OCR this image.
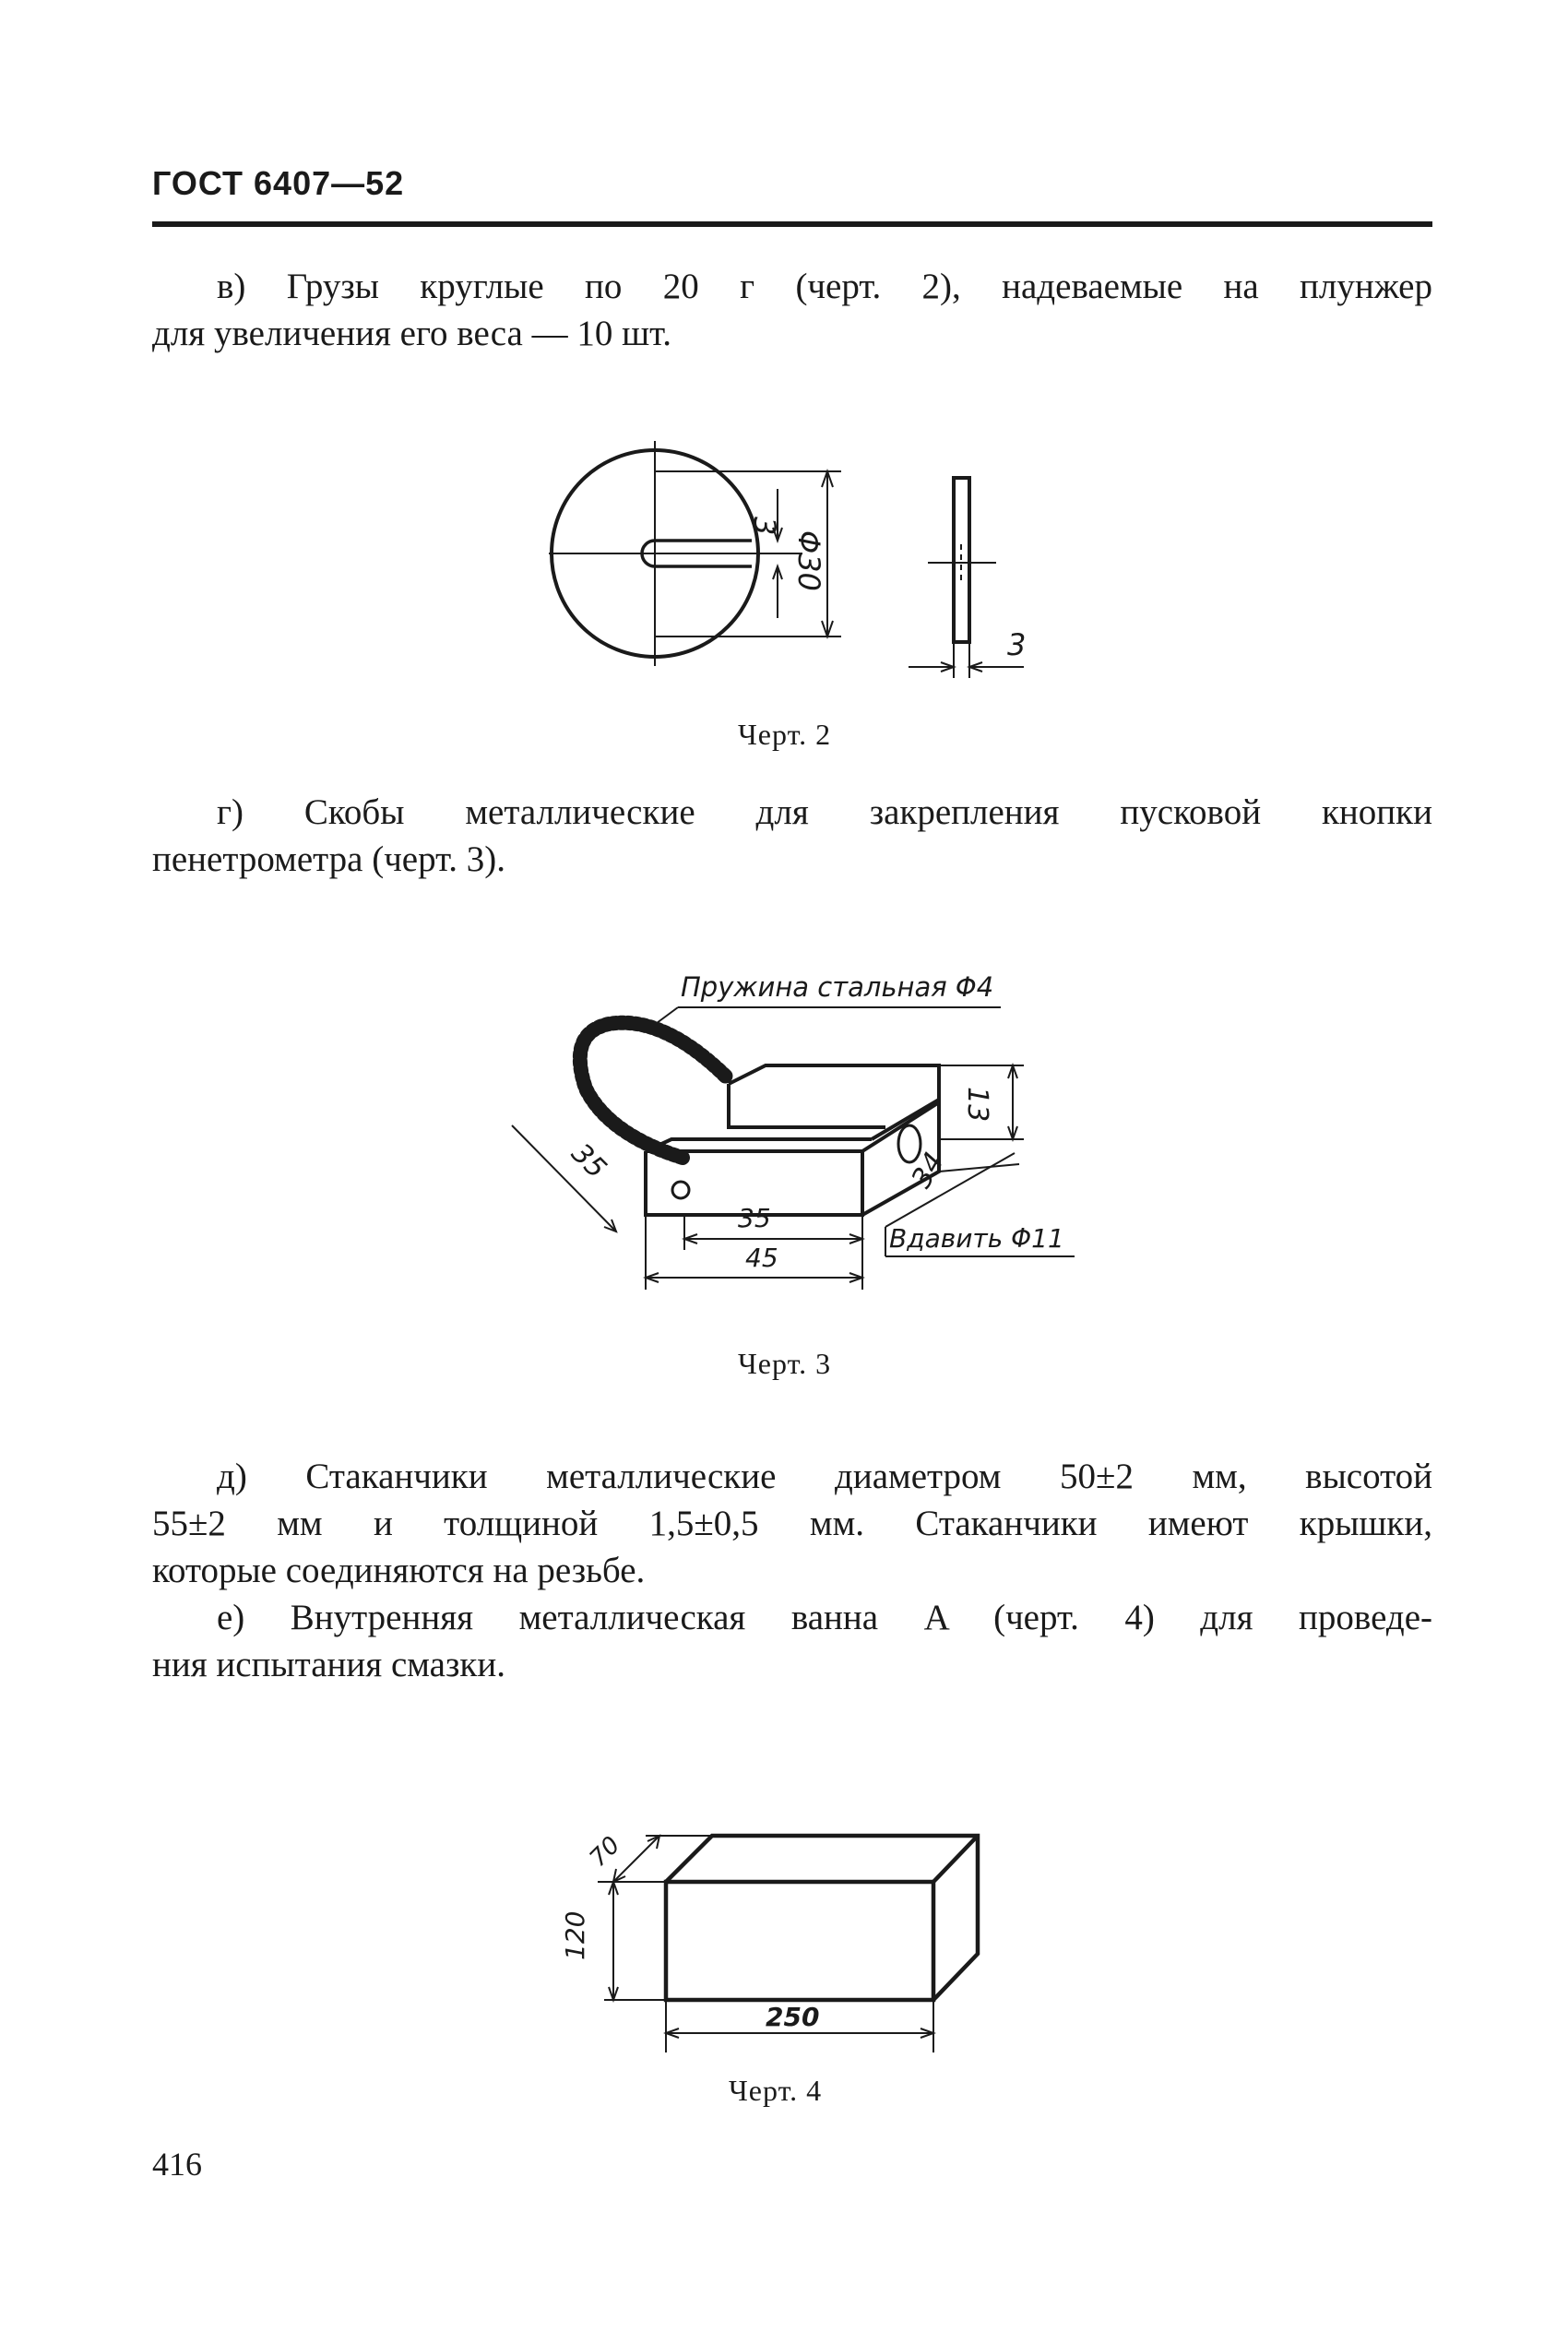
ГОСТ 6407—52
в) Грузы круглые по 20 г (черт. 2), надеваемые на плунжер
для увеличения его веса — 10 шт.
3
Φ30
3
Черт. 2
г) Скобы металлические для закрепления пусковой кнопки
пенетрометра (черт. 3).
Пружина стальная Φ4
13
34
35
35
45
Вдавить Φ11
Черт. 3
д) Стаканчики металлические диаметром 50±2 мм, высотой
55±2 мм и толщиной 1,5±0,5 мм. Стаканчики имеют крышки,
которые соединяются на резьбе.
е) Внутренняя металлическая ванна A (черт. 4) для проведе-
ния испытания смазки.
120
70
250
Черт. 4
416
